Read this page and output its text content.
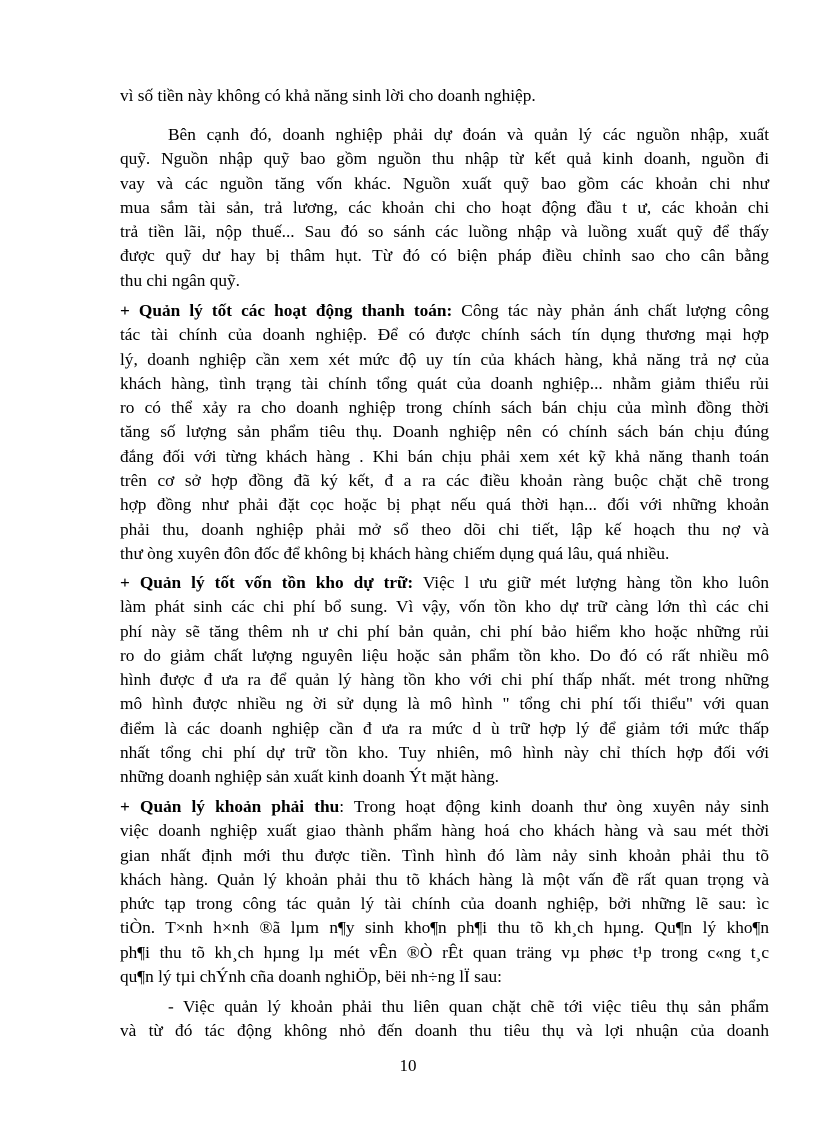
vì số tiền này không có khả năng sinh lời cho doanh nghiệp.

Bên cạnh đó, doanh nghiệp phải dự đoán và quản lý các nguồn nhập, xuất
quỹ. Nguồn nhập quỹ bao gồm nguồn thu nhập từ kết quả kinh doanh, nguồn đi
vay và các nguồn tăng vốn khác. Nguồn xuất quỹ bao gồm các khoản chi như
mua sắm tài sản, trả lương, các khoản chi cho hoạt động đầu t ư, các khoản chi
trả tiền lãi, nộp thuế... Sau đó so sánh các luồng nhập và luồng xuất quỹ để thấy
được quỹ dư hay bị thâm hụt. Từ đó có biện pháp điều chỉnh sao cho cân bằng
thu chi ngân quỹ.

+ Quản lý tốt các hoạt động thanh toán: Công tác này phản ánh chất lượng công
tác tài chính của doanh nghiệp. Để có được chính sách tín dụng thương mại hợp
lý, doanh nghiệp cần xem xét mức độ uy tín của khách hàng, khả năng trả nợ của
khách hàng, tình trạng tài chính tổng quát của doanh nghiệp... nhằm giảm thiểu rủi
ro có thể xảy ra cho doanh nghiệp trong chính sách bán chịu của mình đồng thời
tăng số lượng sản phẩm tiêu thụ. Doanh nghiệp nên có chính sách bán chịu đúng
đắng đối với từng khách hàng . Khi bán chịu phải xem xét kỹ khả năng thanh toán
trên cơ sở hợp đồng đã ký kết, đ a ra các điều khoản ràng buộc chặt chẽ trong
hợp đồng như phải đặt cọc hoặc bị phạt nếu quá thời hạn... đối với những khoản
phải thu, doanh nghiệp phải mở sổ theo dõi chi tiết, lập kế hoạch thu nợ và
thư òng xuyên đôn đốc để không bị khách hàng chiếm dụng quá lâu, quá nhiều.

+ Quản lý tốt vốn tồn kho dự trữ: Việc l ưu giữ mét lượng hàng tồn kho luôn
làm phát sinh các chi phí bổ sung. Vì vậy, vốn tồn kho dự trữ càng lớn thì các chi
phí này sẽ tăng thêm nh ư chi phí bản quản, chi phí bảo hiểm kho hoặc những rủi
ro do giảm chất lượng nguyên liệu hoặc sản phẩm tồn kho. Do đó có rất nhiều mô
hình được đ ưa ra để quản lý hàng tồn kho với chi phí thấp nhất. mét trong những
mô hình được nhiều ng ời sử dụng là mô hình " tổng chi phí tối thiểu" với quan
điểm là các doanh nghiệp cần đ ưa ra mức d ù trữ hợp lý để giảm tới mức thấp
nhất tổng chi phí dự trữ tồn kho. Tuy nhiên, mô hình này chỉ thích hợp đối với
những doanh nghiệp sản xuất kinh doanh Ýt mặt hàng.

+ Quản lý khoản phải thu: Trong hoạt động kinh doanh thư òng xuyên nảy sinh
việc doanh nghiệp xuất giao thành phẩm hàng hoá cho khách hàng và sau mét thời
gian nhất định mới thu được tiền. Tình hình đó làm nảy sinh khoản phải thu tõ
khách hàng. Quản lý khoản phải thu tõ khách hàng là một vấn đề rất quan trọng và
phức tạp trong công tác quản lý tài chính của doanh nghiệp, bởi những lẽ sau: ìc
tiÒn. T×nh h×nh ®ã lµm n¶y sinh kho¶n ph¶i thu tõ kh¸ch hµng. Qu¶n lý kho¶n
ph¶i thu tõ kh¸ch hµng lµ mét vÊn ®Ò rÊt quan träng vµ phøc t¹p trong c«ng t¸c
qu¶n lý tµi chÝnh cña doanh nghiÖp, bëi nh÷ng lÏ sau:

- Việc quản lý khoản phải thu liên quan chặt chẽ tới việc tiêu thụ sản phẩm
và từ đó tác động không nhỏ đến doanh thu tiêu thụ và lợi nhuận của doanh

10
